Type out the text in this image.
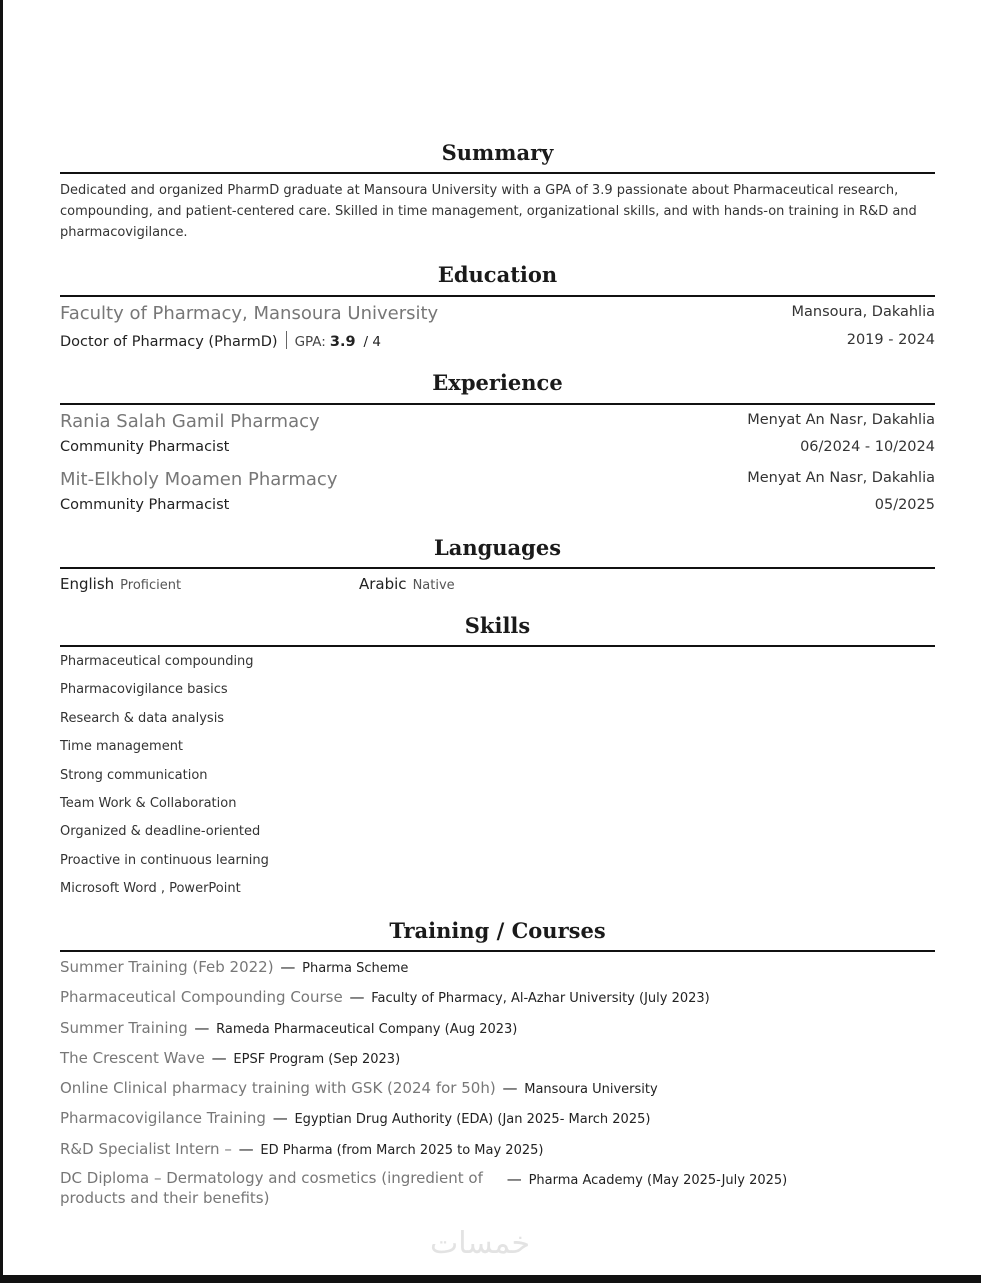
Summary
Dedicated and organized PharmD graduate at Mansoura University with a GPA of 3.9 passionate about Pharmaceutical research, compounding, and patient-centered care. Skilled in time management, organizational skills, and with hands-on training in R&D and pharmacovigilance.
Education
Faculty of Pharmacy, Mansoura University
Doctor of Pharmacy (PharmD) GPA: 3.9 / 4
Mansoura, Dakahlia
2019 - 2024
Experience
Rania Salah Gamil Pharmacy
Community Pharmacist
Menyat An Nasr, Dakahlia
06/2024 - 10/2024
Mit-Elkholy Moamen Pharmacy
Community Pharmacist
Menyat An Nasr, Dakahlia
05/2025
Languages
English Proficient	Arabic Native
Skills
Pharmaceutical compounding
Pharmacovigilance basics
Research & data analysis
Time management
Strong communication
Team Work & Collaboration
Organized & deadline-oriented
Proactive in continuous learning
Microsoft Word , PowerPoint
Training / Courses
Summer Training (Feb 2022) — Pharma Scheme
Pharmaceutical Compounding Course — Faculty of Pharmacy, Al-Azhar University (July 2023)
Summer Training — Rameda Pharmaceutical Company (Aug 2023)
The Crescent Wave — EPSF Program (Sep 2023)
Online Clinical pharmacy training with GSK (2024 for 50h) — Mansoura University
Pharmacovigilance Training — Egyptian Drug Authority (EDA) (Jan 2025- March 2025)
R&D Specialist Intern – — ED Pharma (from March 2025 to May 2025)
DC Diploma – Dermatology and cosmetics (ingredient of products and their benefits) — Pharma Academy (May 2025-July 2025)
خمسات
